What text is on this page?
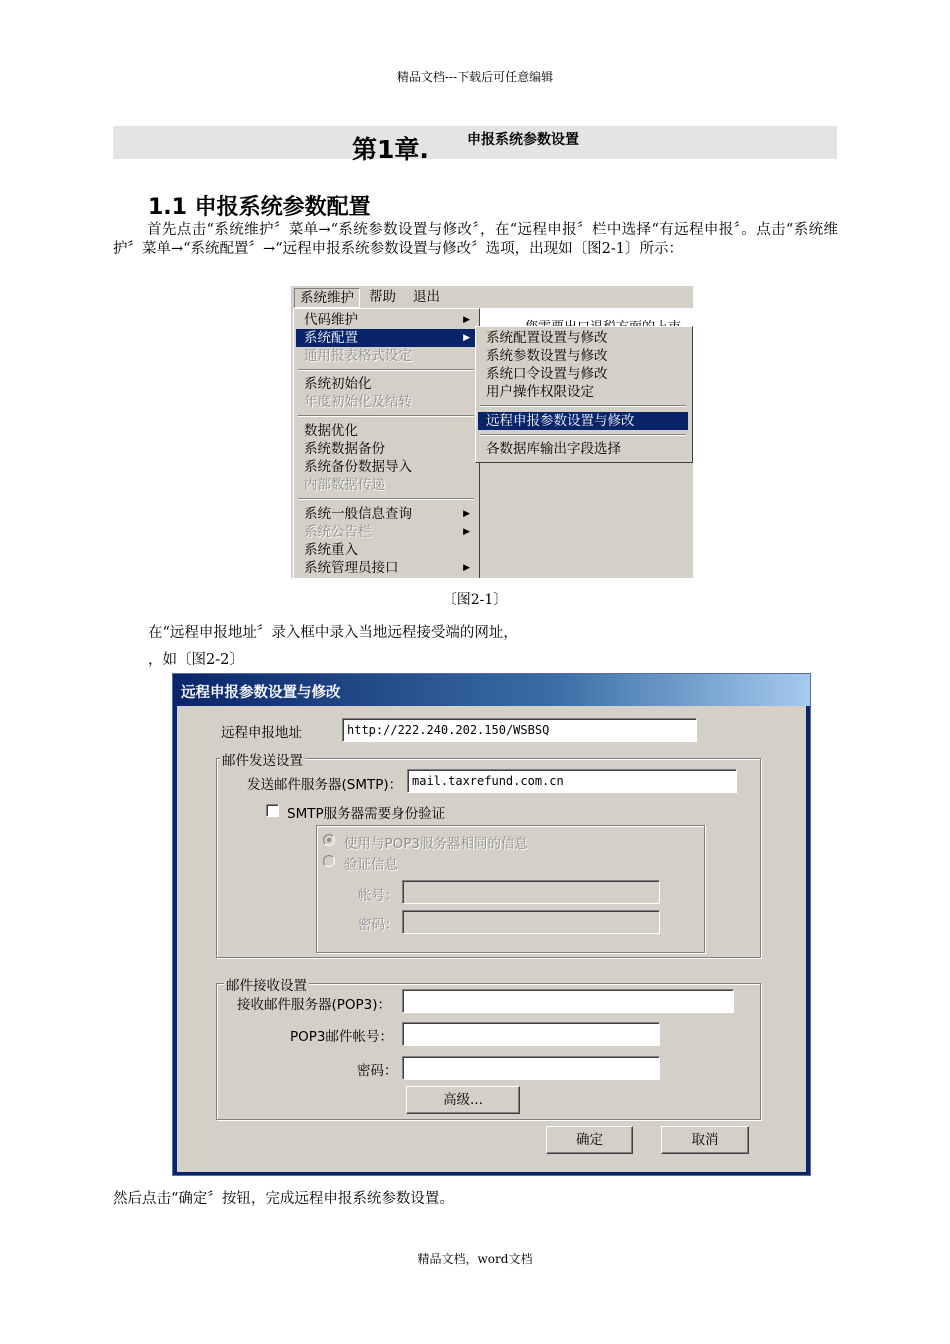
精品文档---下载后可任意编辑
第1章.	申报系统参数设置
1.1 申报系统参数配置

首先点击“系统维护〞菜单→“系统参数设置与修改〞，在“远程申报〞栏中选择“有远程申报〞。点击“系统维护〞菜单→“系统配置〞→“远程申报系统参数设置与修改〞选项，出现如〔图2-1〕所示：

系统维护	帮助	退出
代码维护	▶
系统配置	▶
通用报表格式设定
系统初始化
年度初始化及结转
数据优化
系统数据备份
系统备份数据导入
内部数据传递
系统一般信息查询	▶
系统公告栏	▶
系统重入
系统管理员接口	▶
系统配置设置与修改
系统参数设置与修改
系统口令设置与修改
用户操作权限设定
远程申报参数设置与修改
各数据库输出字段选择
〔图2-1〕
在“远程申报地址〞录入框中录入当地远程接受端的网址，
，如〔图2-2〕
远程申报参数设置与修改
远程申报地址	http://222.240.202.150/WSBSQ
邮件发送设置
发送邮件服务器(SMTP)： mail.taxrefund.com.cn
SMTP服务器需要身份验证
使用与POP3服务器相同的信息
验证信息
帐号：
密码：
邮件接收设置
接收邮件服务器(POP3)：
POP3邮件帐号：
密码：
高级...
确定	取消
然后点击“确定〞按钮，完成远程申报系统参数设置。
精品文档，word文档
